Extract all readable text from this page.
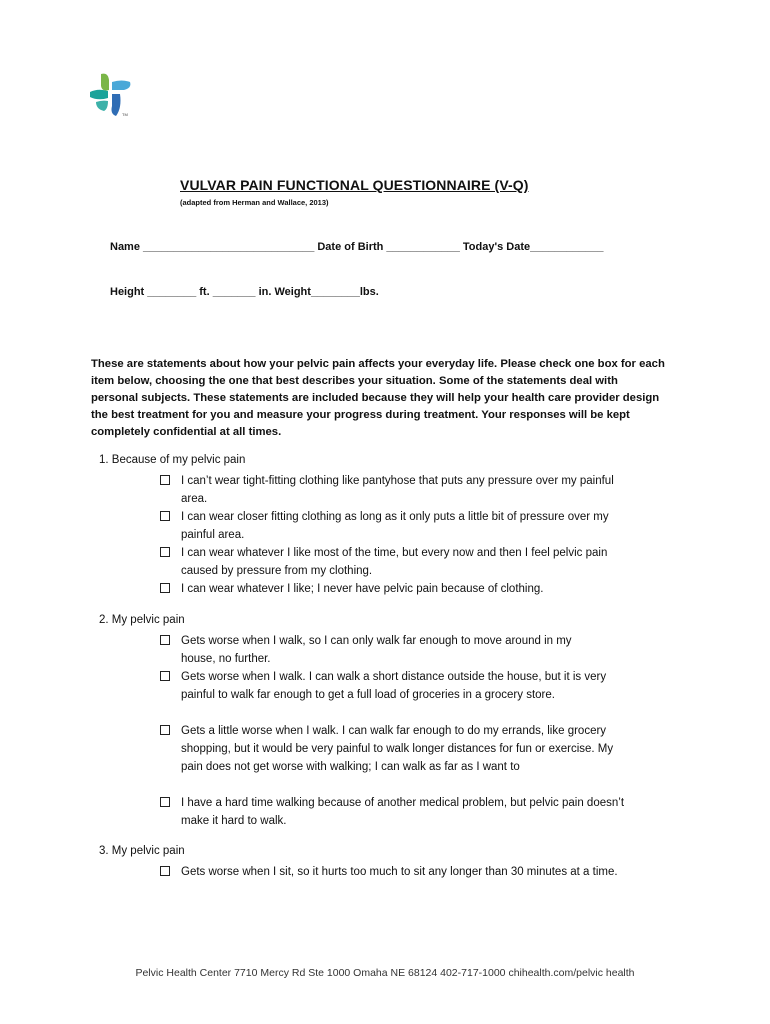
TM
VULVAR PAIN FUNCTIONAL QUESTIONNAIRE (V-Q)
(adapted from Herman and Wallace, 2013)
Name ____________________________ Date of Birth ____________ Today's Date____________
Height ________ ft. _______ in. Weight________lbs.

These are statements about how your pelvic pain affects your everyday life. Please check one box for each item below, choosing the one that best describes your situation. Some of the statements deal with personal subjects. These statements are included because they will help your health care provider design the best treatment for you and measure your progress during treatment. Your responses will be kept completely confidential at all times.

1. Because of my pelvic pain
I can’t wear tight-fitting clothing like pantyhose that puts any pressure over my painful area.
I can wear closer fitting clothing as long as it only puts a little bit of pressure over my painful area.
I can wear whatever I like most of the time, but every now and then I feel pelvic pain caused by pressure from my clothing.
I can wear whatever I like; I never have pelvic pain because of clothing.
2. My pelvic pain
Gets worse when I walk, so I can only walk far enough to move around in my house, no further.
Gets worse when I walk. I can walk a short distance outside the house, but it is very painful to walk far enough to get a full load of groceries in a grocery store.
Gets a little worse when I walk. I can walk far enough to do my errands, like grocery shopping, but it would be very painful to walk longer distances for fun or exercise. My pain does not get worse with walking; I can walk as far as I want to
I have a hard time walking because of another medical problem, but pelvic pain doesn’t make it hard to walk.
3. My pelvic pain
Gets worse when I sit, so it hurts too much to sit any longer than 30 minutes at a time.
Pelvic Health Center 7710 Mercy Rd Ste 1000 Omaha NE 68124 402-717-1000 chihealth.com/pelvic health
